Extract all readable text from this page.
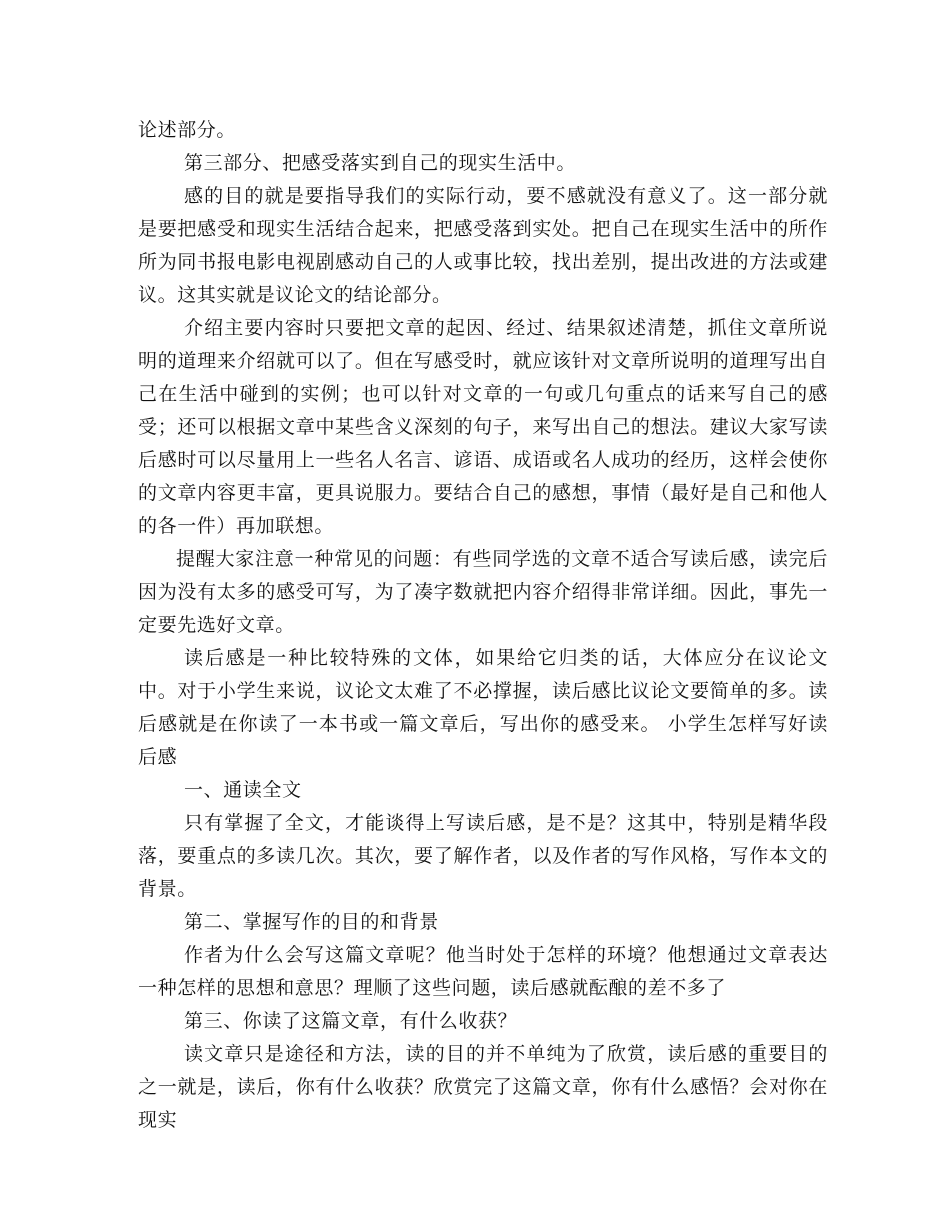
论述部分。

第三部分、把感受落实到自己的现实生活中。

感的目的就是要指导我们的实际行动，要不感就没有意义了。这一部分就是要把感受和现实生活结合起来，把感受落到实处。把自己在现实生活中的所作所为同书报电影电视剧感动自己的人或事比较，找出差别，提出改进的方法或建议。这其实就是议论文的结论部分。

介绍主要内容时只要把文章的起因、经过、结果叙述清楚，抓住文章所说明的道理来介绍就可以了。但在写感受时，就应该针对文章所说明的道理写出自己在生活中碰到的实例；也可以针对文章的一句或几句重点的话来写自己的感受；还可以根据文章中某些含义深刻的句子，来写出自己的想法。建议大家写读后感时可以尽量用上一些名人名言、谚语、成语或名人成功的经历，这样会使你的文章内容更丰富，更具说服力。要结合自己的感想，事情（最好是自己和他人的各一件）再加联想。

提醒大家注意一种常见的问题：有些同学选的文章不适合写读后感，读完后因为没有太多的感受可写，为了凑字数就把内容介绍得非常详细。因此，事先一定要先选好文章。

读后感是一种比较特殊的文体，如果给它归类的话，大体应分在议论文中。对于小学生来说，议论文太难了不必撑握，读后感比议论文要简单的多。读后感就是在你读了一本书或一篇文章后，写出你的感受来。 小学生怎样写好读后感

一、通读全文

只有掌握了全文，才能谈得上写读后感，是不是？这其中，特别是精华段落，要重点的多读几次。其次，要了解作者，以及作者的写作风格，写作本文的背景。

第二、掌握写作的目的和背景

作者为什么会写这篇文章呢？他当时处于怎样的环境？他想通过文章表达一种怎样的思想和意思？理顺了这些问题，读后感就酝酿的差不多了

第三、你读了这篇文章，有什么收获？

读文章只是途径和方法，读的目的并不单纯为了欣赏，读后感的重要目的之一就是，读后，你有什么收获？欣赏完了这篇文章，你有什么感悟？会对你在现实
